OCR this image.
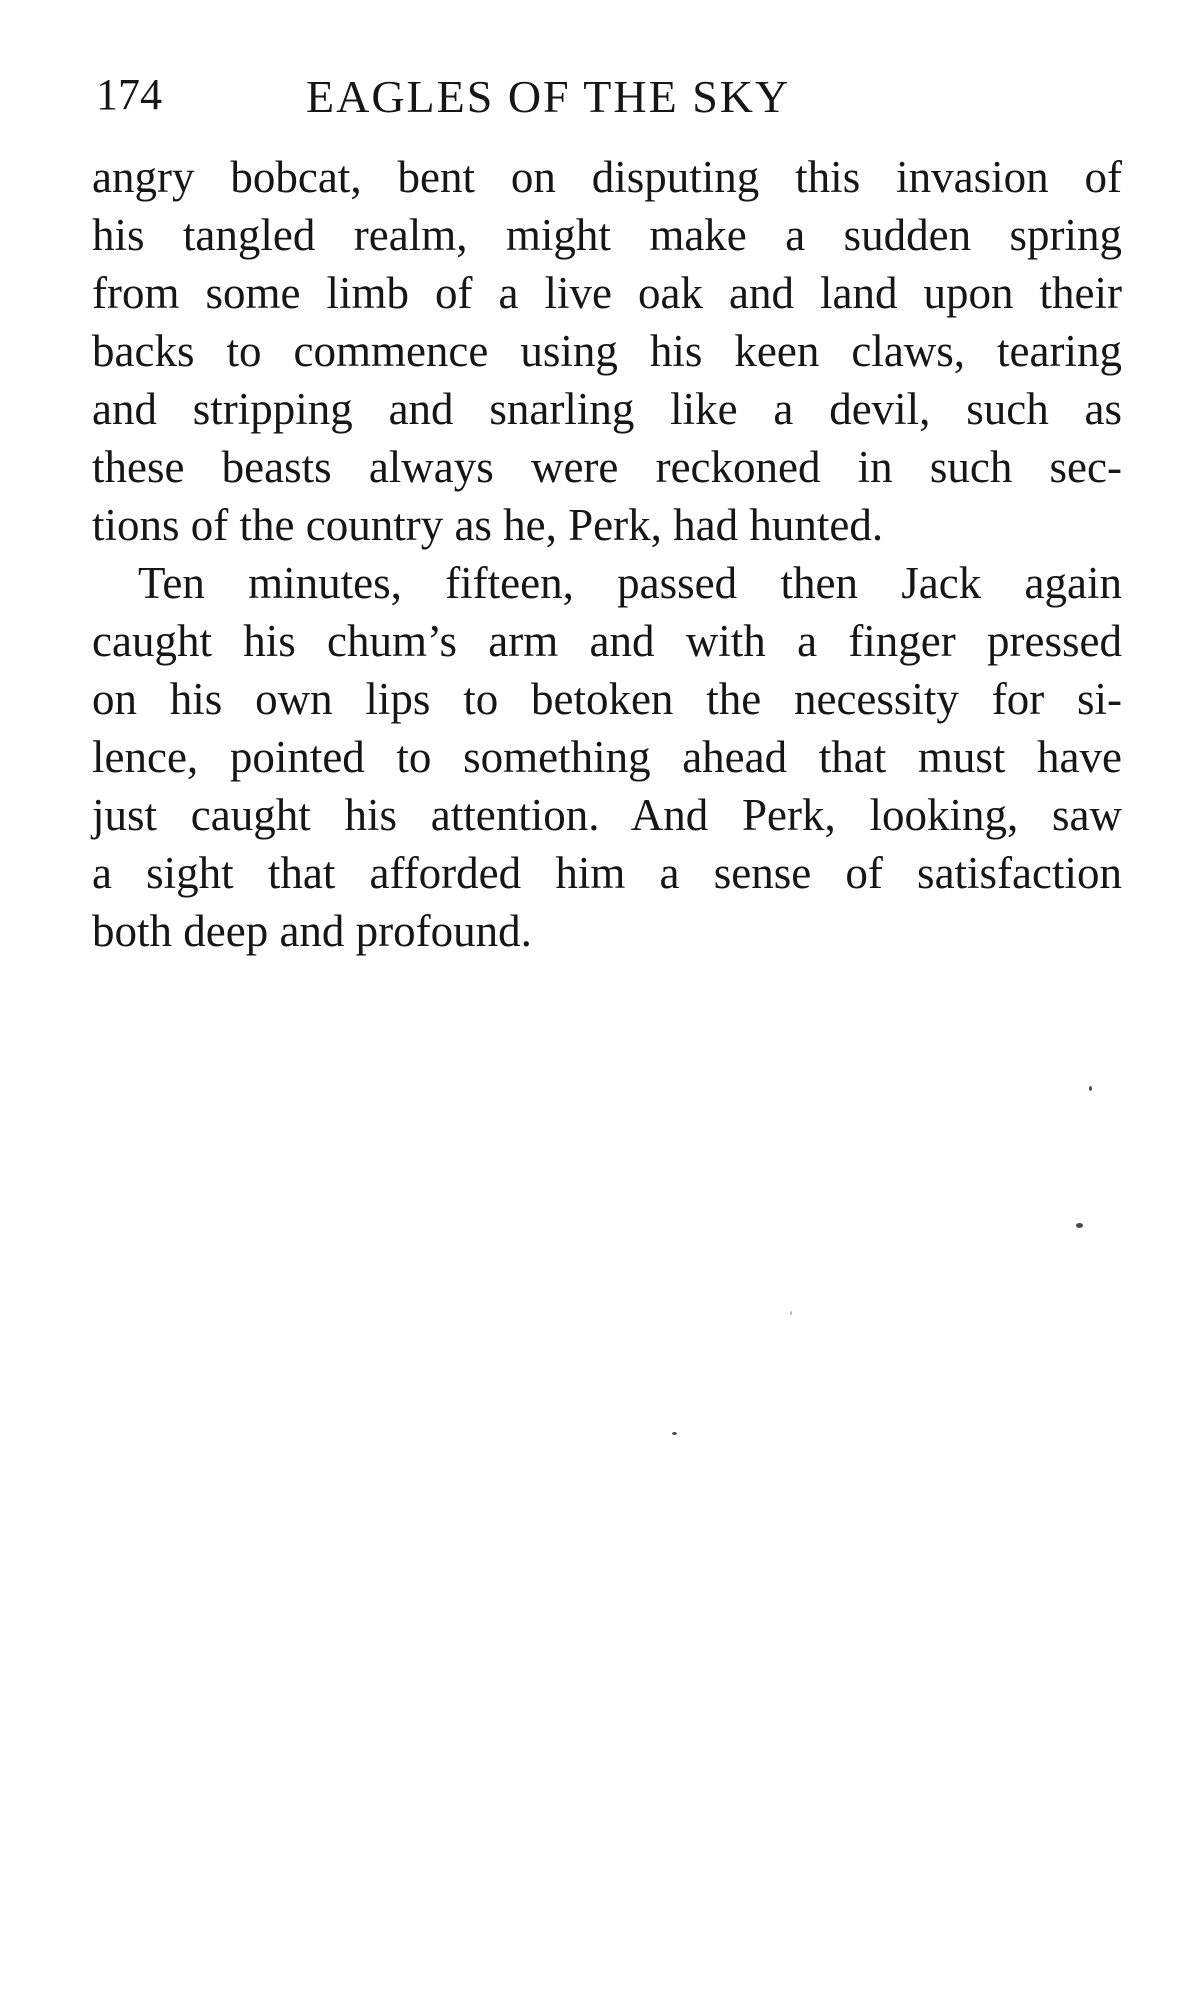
174	EAGLES OF THE SKY
angry bobcat, bent on disputing this invasion of
his tangled realm, might make a sudden spring
from some limb of a live oak and land upon their
backs to commence using his keen claws, tearing
and stripping and snarling like a devil, such as
these beasts always were reckoned in such sec-
tions of the country as he, Perk, had hunted.
Ten minutes, fifteen, passed then Jack again
caught his chum’s arm and with a finger pressed
on his own lips to betoken the necessity for si-
lence, pointed to something ahead that must have
just caught his attention. And Perk, looking, saw
a sight that afforded him a sense of satisfaction
both deep and profound.
